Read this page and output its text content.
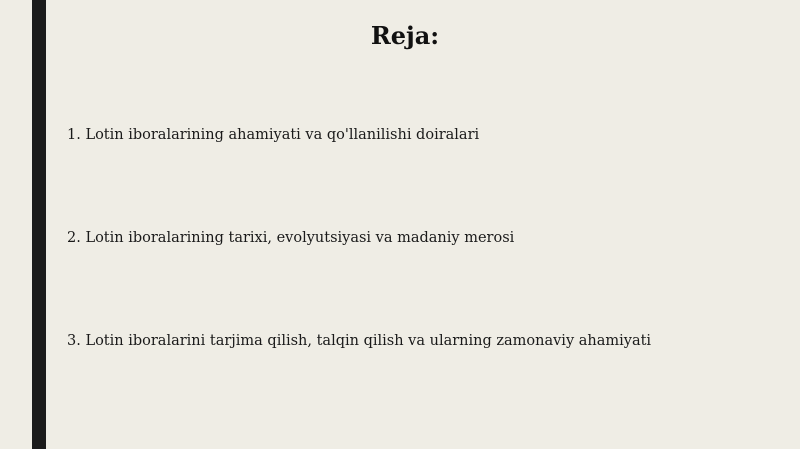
Reja:
1. Lotin iboralarining ahamiyati va qo'llanilishi doiralari
2. Lotin iboralarining tarixi, evolyutsiyasi va madaniy merosi
3. Lotin iboralarini tarjima qilish, talqin qilish va ularning zamonaviy ahamiyati
